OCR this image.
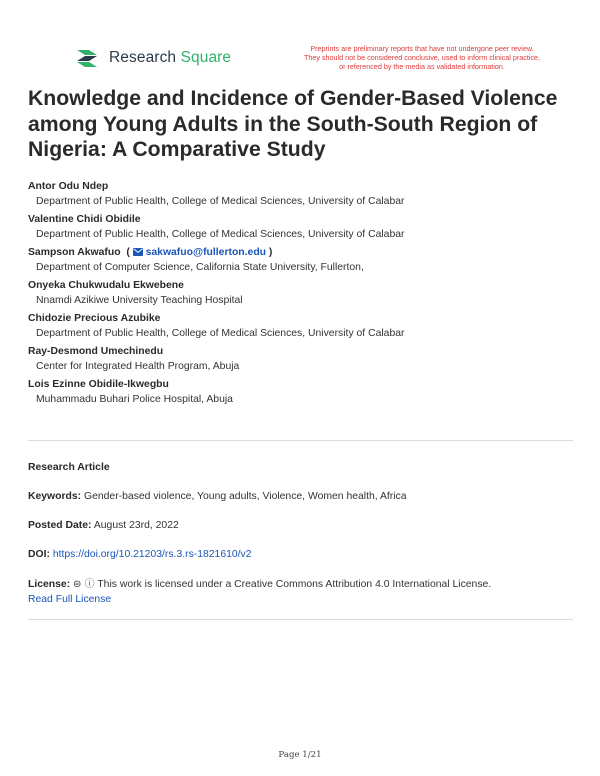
Research Square
Preprints are preliminary reports that have not undergone peer review.
They should not be considered conclusive, used to inform clinical practice,
or referenced by the media as validated information.
Knowledge and Incidence of Gender-Based Violence among Young Adults in the South-South Region of Nigeria: A Comparative Study
Antor Odu Ndep
Department of Public Health, College of Medical Sciences, University of Calabar
Valentine Chidi Obidile
Department of Public Health, College of Medical Sciences, University of Calabar
Sampson Akwafuo  ( sakwafuo@fullerton.edu )
Department of Computer Science, California State University, Fullerton,
Onyeka Chukwudalu Ekwebene
Nnamdi Azikiwe University Teaching Hospital
Chidozie Precious Azubike
Department of Public Health, College of Medical Sciences, University of Calabar
Ray-Desmond Umechinedu
Center for Integrated Health Program, Abuja
Lois Ezinne Obidile-Ikwegbu
Muhammadu Buhari Police Hospital, Abuja
Research Article
Keywords: Gender-based violence, Young adults, Violence, Women health, Africa
Posted Date: August 23rd, 2022
DOI: https://doi.org/10.21203/rs.3.rs-1821610/v2
License: ⊜ ⓘ This work is licensed under a Creative Commons Attribution 4.0 International License.
Read Full License
Page 1/21
